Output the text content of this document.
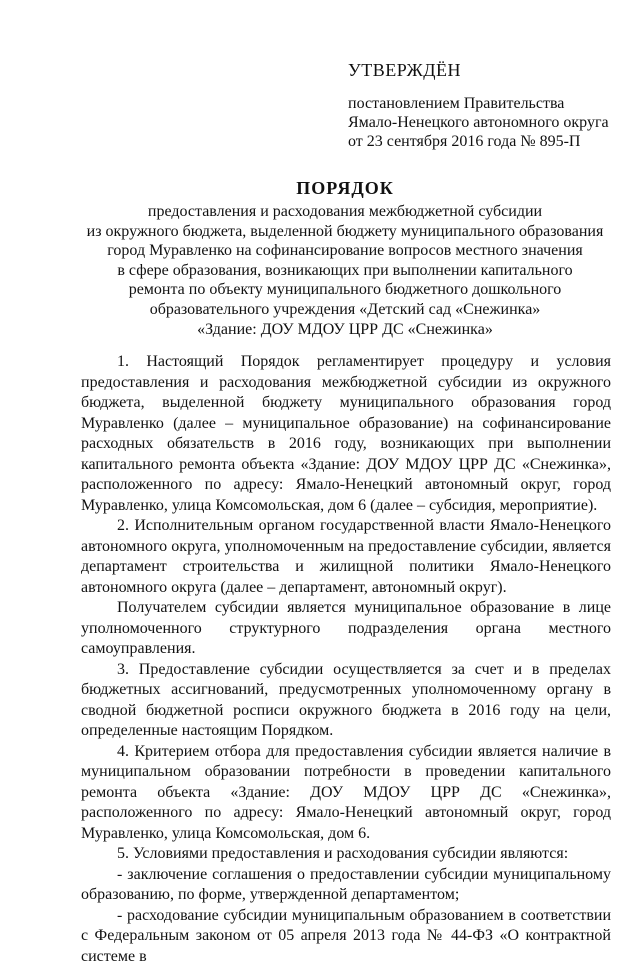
УТВЕРЖДЁН

постановлением Правительства

Ямало-Ненецкого автономного округа

от 23 сентября 2016 года № 895-П

ПОРЯДОК

предоставления и расходования межбюджетной субсидии

из окружного бюджета, выделенной бюджету муниципального образования

город Муравленко на софинансирование вопросов местного значения

в сфере образования, возникающих при выполнении капитального

ремонта по объекту муниципального бюджетного дошкольного

образовательного учреждения «Детский сад «Снежинка»

«Здание: ДОУ МДОУ ЦРР ДС «Снежинка»

1. Настоящий Порядок регламентирует процедуру и условия предоставления и расходования межбюджетной субсидии из окружного бюджета, выделенной бюджету муниципального образования город Муравленко (далее – муниципальное образование) на софинансирование расходных обязательств в 2016 году, возникающих при выполнении капитального ремонта объекта «Здание: ДОУ МДОУ ЦРР ДС «Снежинка», расположенного по адресу: Ямало-Ненецкий автономный округ, город Муравленко, улица Комсомольская, дом 6 (далее – субсидия, мероприятие).

2. Исполнительным органом государственной власти Ямало-Ненецкого автономного округа, уполномоченным на предоставление субсидии, является департамент строительства и жилищной политики Ямало-Ненецкого автономного округа (далее – департамент, автономный округ).

Получателем субсидии является муниципальное образование в лице уполномоченного структурного подразделения органа местного самоуправления.

3. Предоставление субсидии осуществляется за счет и в пределах бюджетных ассигнований, предусмотренных уполномоченному органу в сводной бюджетной росписи окружного бюджета в 2016 году на цели, определенные настоящим Порядком.

4. Критерием отбора для предоставления субсидии является наличие в муниципальном образовании потребности в проведении капитального ремонта объекта «Здание: ДОУ МДОУ ЦРР ДС «Снежинка», расположенного по адресу: Ямало-Ненецкий автономный округ, город Муравленко, улица Комсомольская, дом 6.

5. Условиями предоставления и расходования субсидии являются:

- заключение соглашения о предоставлении субсидии муниципальному образованию, по форме, утвержденной департаментом;

- расходование субсидии муниципальным образованием в соответствии с Федеральным законом от 05 апреля 2013 года № 44-ФЗ «О контрактной системе в
